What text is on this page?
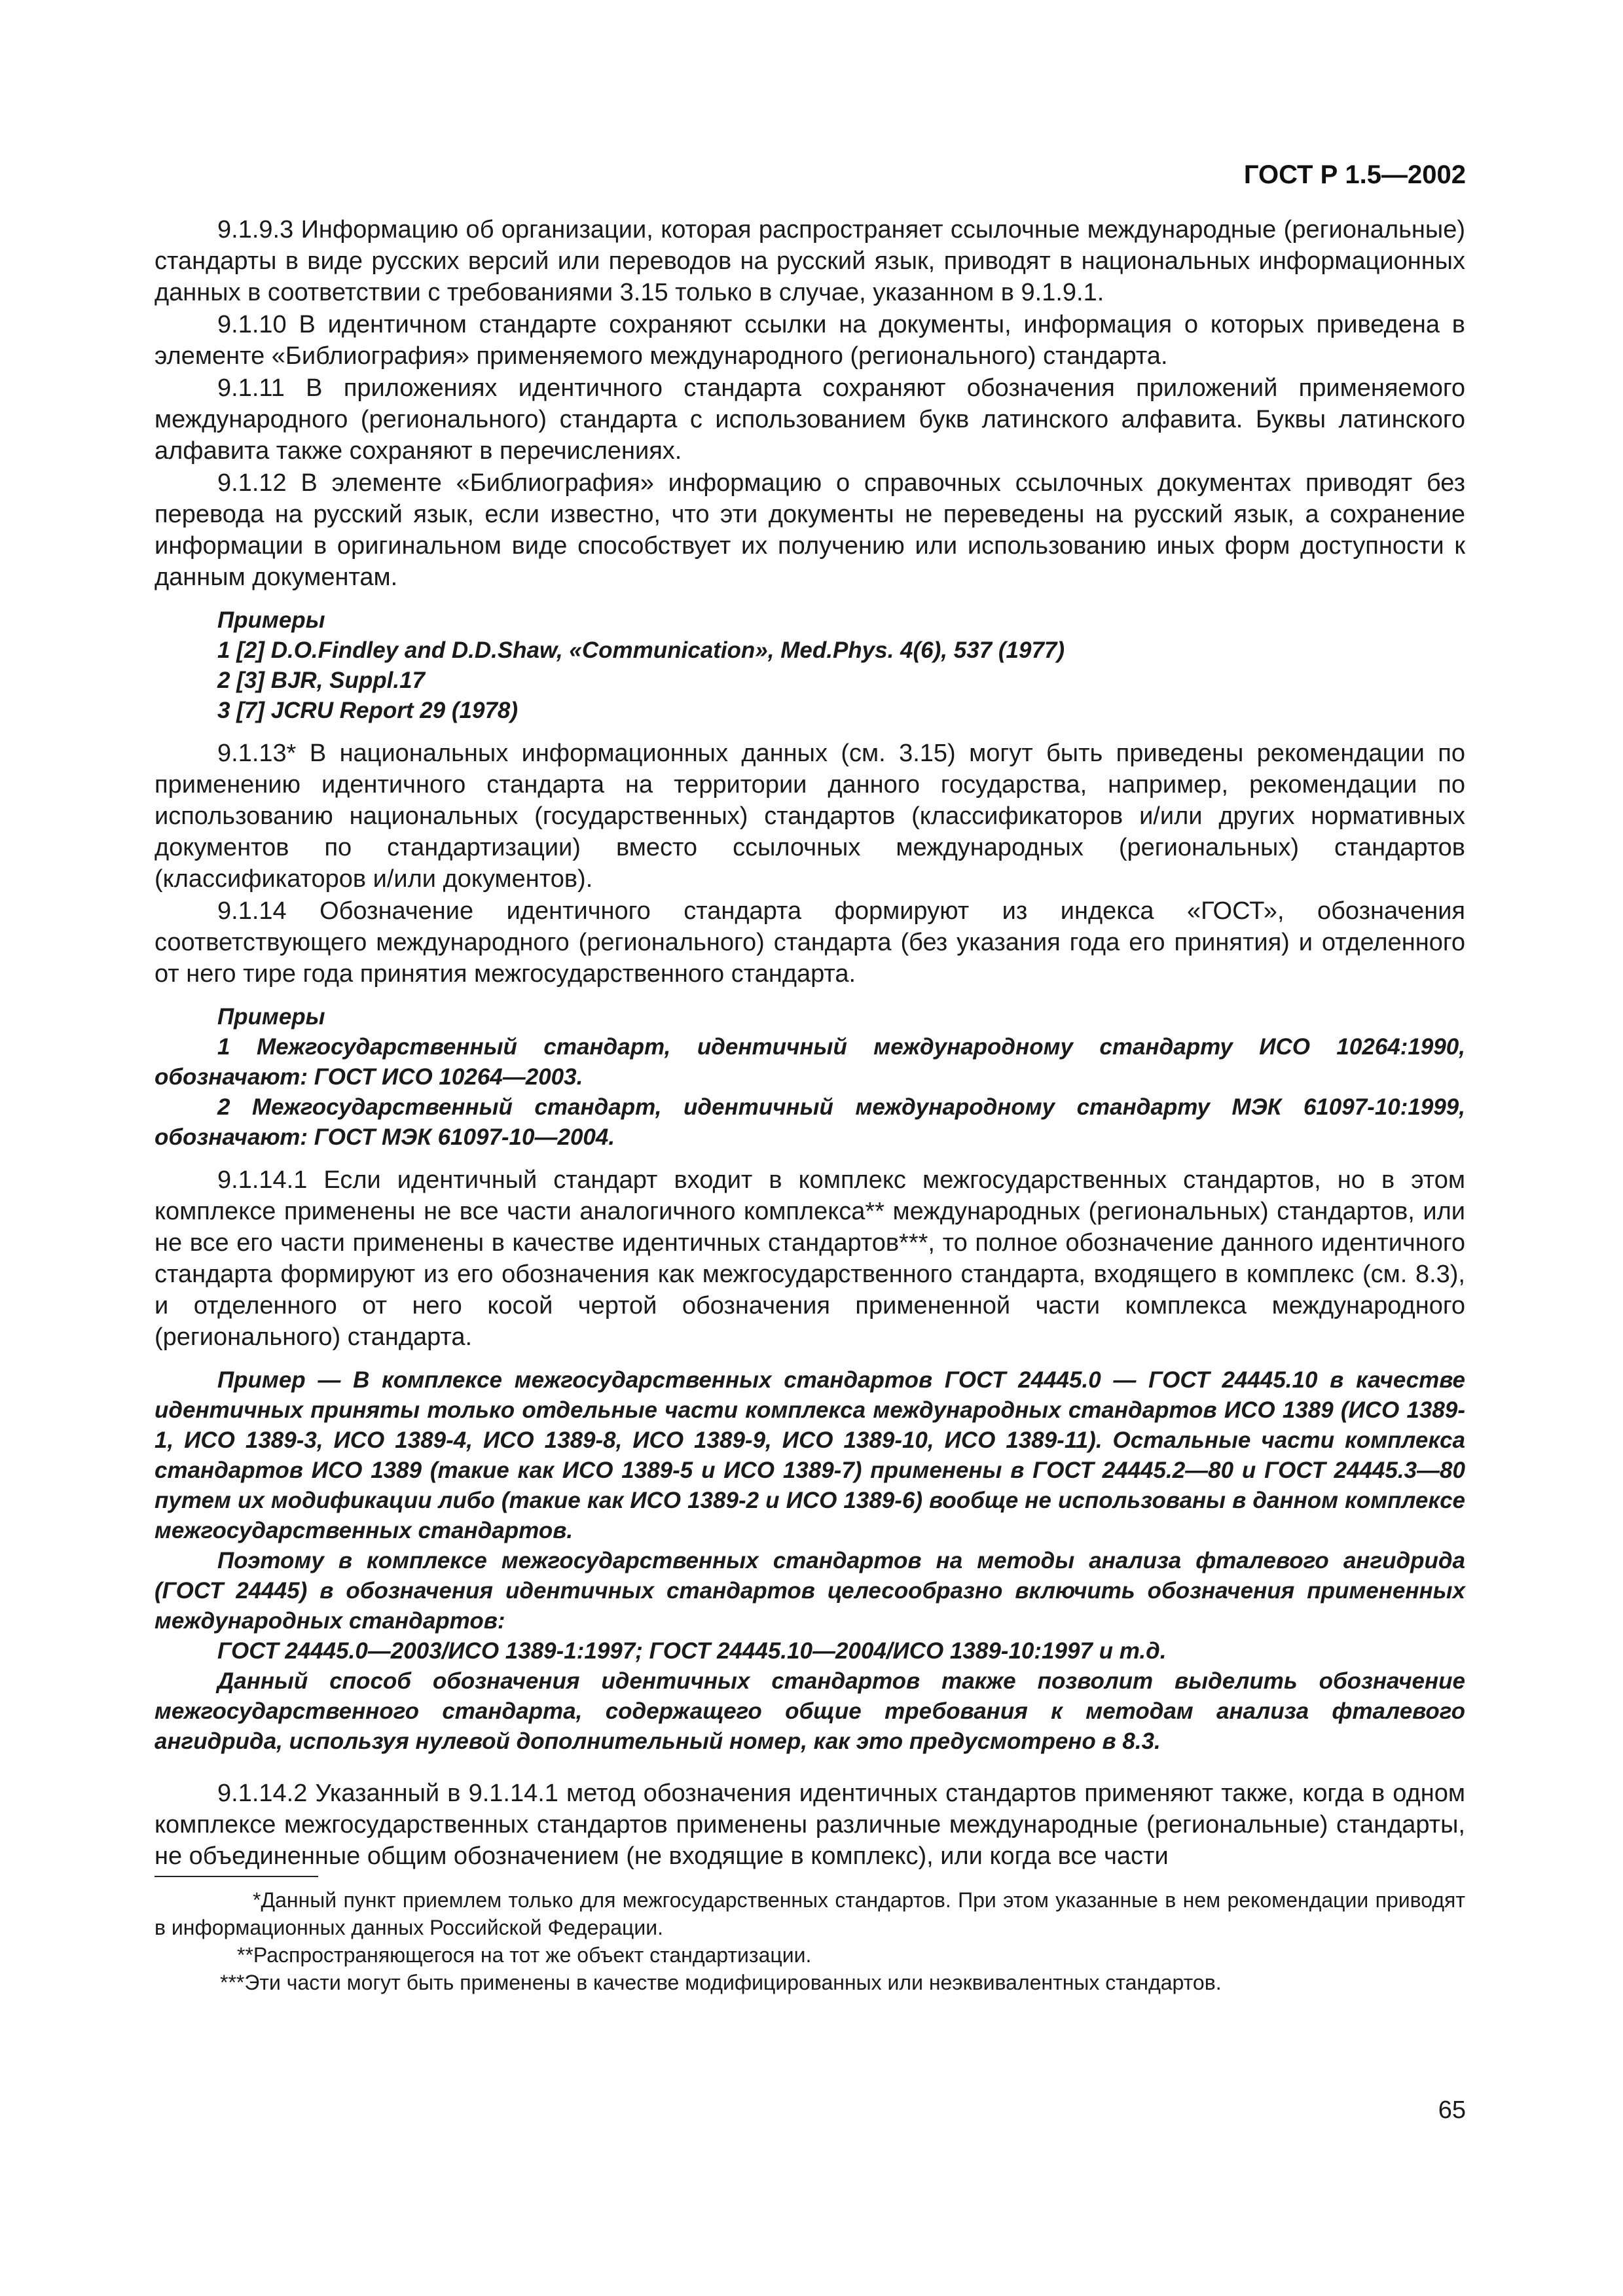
ГОСТ Р 1.5—2002

9.1.9.3 Информацию об организации, которая распространяет ссылочные международные (региональные) стандарты в виде русских версий или переводов на русский язык, приводят в национальных информационных данных в соответствии с требованиями 3.15 только в случае, указанном в 9.1.9.1.

9.1.10 В идентичном стандарте сохраняют ссылки на документы, информация о которых приведена в элементе «Библиография» применяемого международного (регионального) стандарта.

9.1.11 В приложениях идентичного стандарта сохраняют обозначения приложений применяемого международного (регионального) стандарта с использованием букв латинского алфавита. Буквы латинского алфавита также сохраняют в перечислениях.

9.1.12 В элементе «Библиография» информацию о справочных ссылочных документах приводят без перевода на русский язык, если известно, что эти документы не переведены на русский язык, а сохранение информации в оригинальном виде способствует их получению или использованию иных форм доступности к данным документам.

Примеры
1 [2] D.O.Findley and D.D.Shaw, «Communication», Med.Phys. 4(6), 537 (1977)
2 [3] BJR, Suppl.17
3 [7] JCRU Report 29 (1978)

9.1.13* В национальных информационных данных (см. 3.15) могут быть приведены рекомендации по применению идентичного стандарта на территории данного государства, например, рекомендации по использованию национальных (государственных) стандартов (классификаторов и/или других нормативных документов по стандартизации) вместо ссылочных международных (региональных) стандартов (классификаторов и/или документов).

9.1.14 Обозначение идентичного стандарта формируют из индекса «ГОСТ», обозначения соответствующего международного (регионального) стандарта (без указания года его принятия) и отделенного от него тире года принятия межгосударственного стандарта.

Примеры

1 Межгосударственный стандарт, идентичный международному стандарту ИСО 10264:1990, обозначают: ГОСТ ИСО 10264—2003.

2 Межгосударственный стандарт, идентичный международному стандарту МЭК 61097-10:1999, обозначают: ГОСТ МЭК 61097-10—2004.

9.1.14.1 Если идентичный стандарт входит в комплекс межгосударственных стандартов, но в этом комплексе применены не все части аналогичного комплекса** международных (региональных) стандартов, или не все его части применены в качестве идентичных стандартов***, то полное обозначение данного идентичного стандарта формируют из его обозначения как межгосударственного стандарта, входящего в комплекс (см. 8.3), и отделенного от него косой чертой обозначения примененной части комплекса международного (регионального) стандарта.

Пример — В комплексе межгосударственных стандартов ГОСТ 24445.0 — ГОСТ 24445.10 в качестве идентичных приняты только отдельные части комплекса международных стандартов ИСО 1389 (ИСО 1389-1, ИСО 1389-3, ИСО 1389-4, ИСО 1389-8, ИСО 1389-9, ИСО 1389-10, ИСО 1389-11). Остальные части комплекса стандартов ИСО 1389 (такие как ИСО 1389-5 и ИСО 1389-7) применены в ГОСТ 24445.2—80 и ГОСТ 24445.3—80 путем их модификации либо (такие как ИСО 1389-2 и ИСО 1389-6) вообще не использованы в данном комплексе межгосударственных стандартов.

Поэтому в комплексе межгосударственных стандартов на методы анализа фталевого ангидрида (ГОСТ 24445) в обозначения идентичных стандартов целесообразно включить обозначения примененных международных стандартов:

ГОСТ 24445.0—2003/ИСО 1389-1:1997; ГОСТ 24445.10—2004/ИСО 1389-10:1997 и т.д.

Данный способ обозначения идентичных стандартов также позволит выделить обозначение межгосударственного стандарта, содержащего общие требования к методам анализа фталевого ангидрида, используя нулевой дополнительный номер, как это предусмотрено в 8.3.

9.1.14.2 Указанный в 9.1.14.1 метод обозначения идентичных стандартов применяют также, когда в одном комплексе межгосударственных стандартов применены различные международные (региональные) стандарты, не объединенные общим обозначением (не входящие в комплекс), или когда все части

*Данный пункт приемлем только для межгосударственных стандартов. При этом указанные в нем рекомендации приводят в информационных данных Российской Федерации.

**Распространяющегося на тот же объект стандартизации.

***Эти части могут быть применены в качестве модифицированных или неэквивалентных стандартов.

65
